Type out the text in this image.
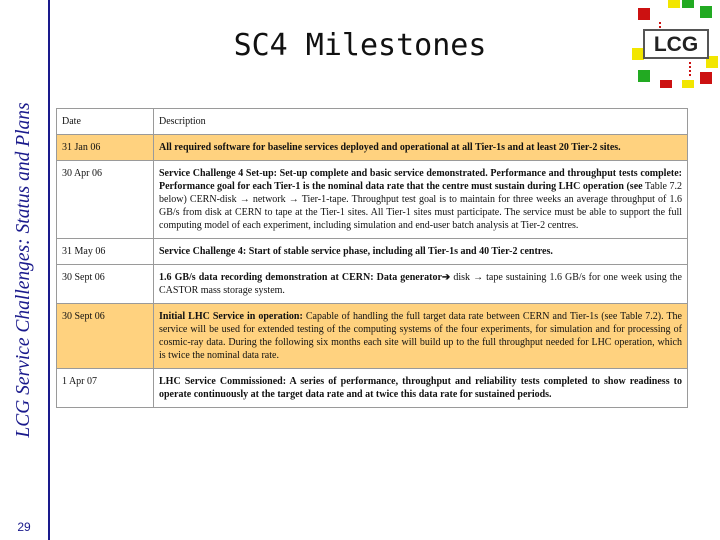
LCG Service Challenges: Status and Plans
29
SC4 Milestones	LCG
Date	Description
31 Jan 06	All required software for baseline services deployed and operational at all Tier-1s and at least 20 Tier-2 sites.
30 Apr 06	Service Challenge 4 Set-up: Set-up complete and basic service demonstrated. Performance and throughput tests complete: Performance goal for each Tier-1 is the nominal data rate that the centre must sustain during LHC operation (see Table 7.2 below) CERN-disk → network → Tier-1-tape. Throughput test goal is to maintain for three weeks an average throughput of 1.6 GB/s from disk at CERN to tape at the Tier-1 sites. All Tier-1 sites must participate. The service must be able to support the full computing model of each experiment, including simulation and end-user batch analysis at Tier-2 centres.
31 May 06	Service Challenge 4: Start of stable service phase, including all Tier-1s and 40 Tier-2 centres.
30 Sept 06	1.6 GB/s data recording demonstration at CERN: Data generator➔ disk → tape sustaining 1.6 GB/s for one week using the CASTOR mass storage system.
30 Sept 06	Initial LHC Service in operation: Capable of handling the full target data rate between CERN and Tier-1s (see Table 7.2). The service will be used for extended testing of the computing systems of the four experiments, for simulation and for processing of cosmic-ray data. During the following six months each site will build up to the full throughput needed for LHC operation, which is twice the nominal data rate.
1 Apr 07	LHC Service Commissioned: A series of performance, throughput and reliability tests completed to show readiness to operate continuously at the target data rate and at twice this data rate for sustained periods.
